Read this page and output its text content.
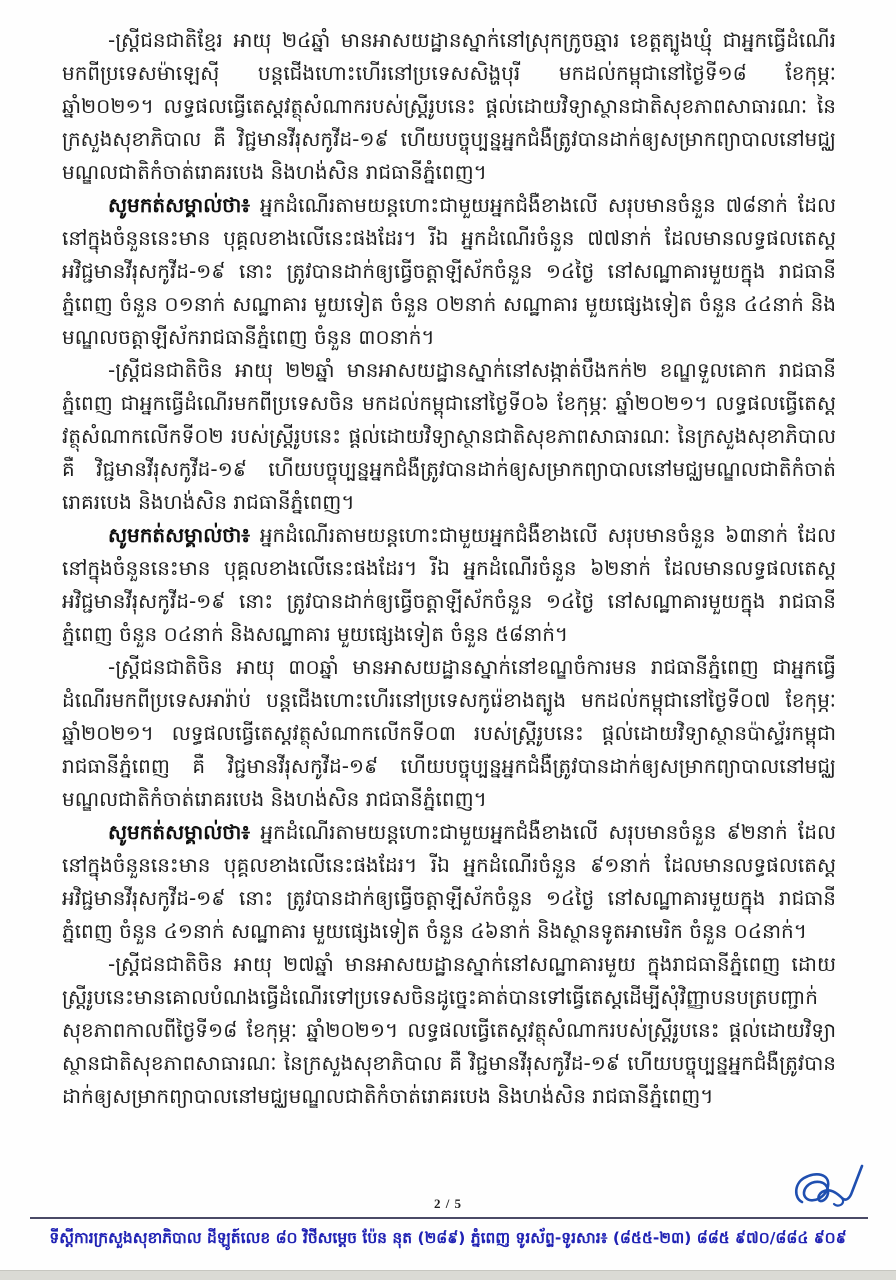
-ស្ត្រីជនជាតិខ្មែរ អាយុ ២៤ឆ្នាំ មានអាសយដ្ឋានស្នាក់នៅស្រុកក្រូចឆ្មារ ខេត្តត្បូងឃ្មុំ ជាអ្នកធ្វើដំណើរមកពីប្រទេសម៉ាឡេស៊ី បន្តជើងហោះហើរនៅប្រទេសសិង្ហបុរី មកដល់កម្ពុជានៅថ្ងៃទី១៨ ខែកុម្ភៈ ឆ្នាំ២០២១។ លទ្ធផលធ្វើតេស្តវត្ថុសំណាករបស់ស្ត្រីរូបនេះ ផ្តល់ដោយវិទ្យាស្ថានជាតិសុខភាពសាធារណៈ នៃក្រសួងសុខាភិបាល គឺ វិជ្ជមានវីរុសកូវីដ-១៩ ហើយបច្ចុប្បន្នអ្នកជំងឺត្រូវបានដាក់ឲ្យសម្រាកព្យាបាលនៅមជ្ឈមណ្ឌលជាតិកំចាត់រោគរបេង និងហង់សិន រាជធានីភ្នំពេញ។

សូមកត់សម្គាល់ថា៖ អ្នកដំណើរតាមយន្តហោះជាមួយអ្នកជំងឺខាងលើ សរុបមានចំនួន ៧៨នាក់ ដែលនៅក្នុងចំនួននេះមាន បុគ្គលខាងលើនេះផងដែរ។ រីឯ អ្នកដំណើរចំនួន ៧៧នាក់ ដែលមានលទ្ធផលតេស្តអវិជ្ជមានវីរុសកូវីដ-១៩ នោះ ត្រូវបានដាក់ឲ្យធ្វើចត្តាឡីស័កចំនួន ១៤ថ្ងៃ នៅសណ្ឋាគារមួយក្នុង រាជធានីភ្នំពេញ ចំនួន ០១នាក់ សណ្ឋាគារ មួយទៀត ចំនួន ០២នាក់ សណ្ឋាគារ មួយផ្សេងទៀត ចំនួន ៤៤នាក់ និងមណ្ឌលចត្តាឡីស័ករាជធានីភ្នំពេញ ចំនួន ៣០នាក់។

-ស្ត្រីជនជាតិចិន អាយុ ២២ឆ្នាំ មានអាសយដ្ឋានស្នាក់នៅសង្កាត់បឹងកក់២ ខណ្ឌទួលគោក រាជធានីភ្នំពេញ ជាអ្នកធ្វើដំណើរមកពីប្រទេសចិន មកដល់កម្ពុជានៅថ្ងៃទី០៦ ខែកុម្ភៈ ឆ្នាំ២០២១។ លទ្ធផលធ្វើតេស្តវត្ថុសំណាកលើកទី០២ របស់ស្ត្រីរូបនេះ ផ្តល់ដោយវិទ្យាស្ថានជាតិសុខភាពសាធារណៈ នៃក្រសួងសុខាភិបាល គឺ វិជ្ជមានវីរុសកូវីដ-១៩ ហើយបច្ចុប្បន្នអ្នកជំងឺត្រូវបានដាក់ឲ្យសម្រាកព្យាបាលនៅមជ្ឈមណ្ឌលជាតិកំចាត់រោគរបេង និងហង់សិន រាជធានីភ្នំពេញ។

សូមកត់សម្គាល់ថា៖ អ្នកដំណើរតាមយន្តហោះជាមួយអ្នកជំងឺខាងលើ សរុបមានចំនួន ៦៣នាក់ ដែលនៅក្នុងចំនួននេះមាន បុគ្គលខាងលើនេះផងដែរ។ រីឯ អ្នកដំណើរចំនួន ៦២នាក់ ដែលមានលទ្ធផលតេស្តអវិជ្ជមានវីរុសកូវីដ-១៩ នោះ ត្រូវបានដាក់ឲ្យធ្វើចត្តាឡីស័កចំនួន ១៤ថ្ងៃ នៅសណ្ឋាគារមួយក្នុង រាជធានីភ្នំពេញ ចំនួន ០៤នាក់ និងសណ្ឋាគារ មួយផ្សេងទៀត ចំនួន ៥៨នាក់។

-ស្ត្រីជនជាតិចិន អាយុ ៣០ឆ្នាំ មានអាសយដ្ឋានស្នាក់នៅខណ្ឌចំការមន រាជធានីភ្នំពេញ ជាអ្នកធ្វើដំណើរមកពីប្រទេសអារ៉ាប់ បន្តជើងហោះហើរនៅប្រទេសកូរ៉េខាងត្បូង មកដល់កម្ពុជានៅថ្ងៃទី០៧ ខែកុម្ភៈ ឆ្នាំ២០២១។ លទ្ធផលធ្វើតេស្តវត្ថុសំណាកលើកទី០៣ របស់ស្ត្រីរូបនេះ ផ្តល់ដោយវិទ្យាស្ថានប៉ាស្ទ័រកម្ពុជា រាជធានីភ្នំពេញ គឺ វិជ្ជមានវីរុសកូវីដ-១៩ ហើយបច្ចុប្បន្នអ្នកជំងឺត្រូវបានដាក់ឲ្យសម្រាកព្យាបាលនៅមជ្ឈមណ្ឌលជាតិកំចាត់រោគរបេង និងហង់សិន រាជធានីភ្នំពេញ។

សូមកត់សម្គាល់ថា៖ អ្នកដំណើរតាមយន្តហោះជាមួយអ្នកជំងឺខាងលើ សរុបមានចំនួន ៩២នាក់ ដែលនៅក្នុងចំនួននេះមាន បុគ្គលខាងលើនេះផងដែរ។ រីឯ អ្នកដំណើរចំនួន ៩១នាក់ ដែលមានលទ្ធផលតេស្តអវិជ្ជមានវីរុសកូវីដ-១៩ នោះ ត្រូវបានដាក់ឲ្យធ្វើចត្តាឡីស័កចំនួន ១៤ថ្ងៃ នៅសណ្ឋាគារមួយក្នុង រាជធានីភ្នំពេញ ចំនួន ៤១នាក់ សណ្ឋាគារ មួយផ្សេងទៀត ចំនួន ៤៦នាក់ និងស្ថានទូតអាមេរិក ចំនួន ០៤នាក់។

-ស្ត្រីជនជាតិចិន អាយុ ២៧ឆ្នាំ មានអាសយដ្ឋានស្នាក់នៅសណ្ឋាគារមួយ ក្នុងរាជធានីភ្នំពេញ ដោយស្ត្រីរូបនេះមានគោលបំណងធ្វើដំណើរទៅប្រទេសចិនដូច្នេះគាត់បានទៅធ្វើតេស្តដើម្បីសុំវិញ្ញាបនបត្របញ្ជាក់សុខភាពកាលពីថ្ងៃទី១៨ ខែកុម្ភៈ ឆ្នាំ២០២១។ លទ្ធផលធ្វើតេស្តវត្ថុសំណាករបស់ស្ត្រីរូបនេះ ផ្តល់ដោយវិទ្យាស្ថានជាតិសុខភាពសាធារណៈ នៃក្រសួងសុខាភិបាល គឺ វិជ្ជមានវីរុសកូវីដ-១៩ ហើយបច្ចុប្បន្នអ្នកជំងឺត្រូវបានដាក់ឲ្យសម្រាកព្យាបាលនៅមជ្ឈមណ្ឌលជាតិកំចាត់រោគរបេង និងហង់សិន រាជធានីភ្នំពេញ។

2 / 5
ទីស្តីការក្រសួងសុខាភិបាល ដីឡូត៍លេខ ៨០ វិថីសម្តេច ប៉ែន នុត (២៨៩) ភ្នំពេញ ទូរស័ព្ទ-ទូរសារ៖ (៨៥៥-២៣) ៨៨៥ ៩៧០/៨៨៤ ៩០៩
